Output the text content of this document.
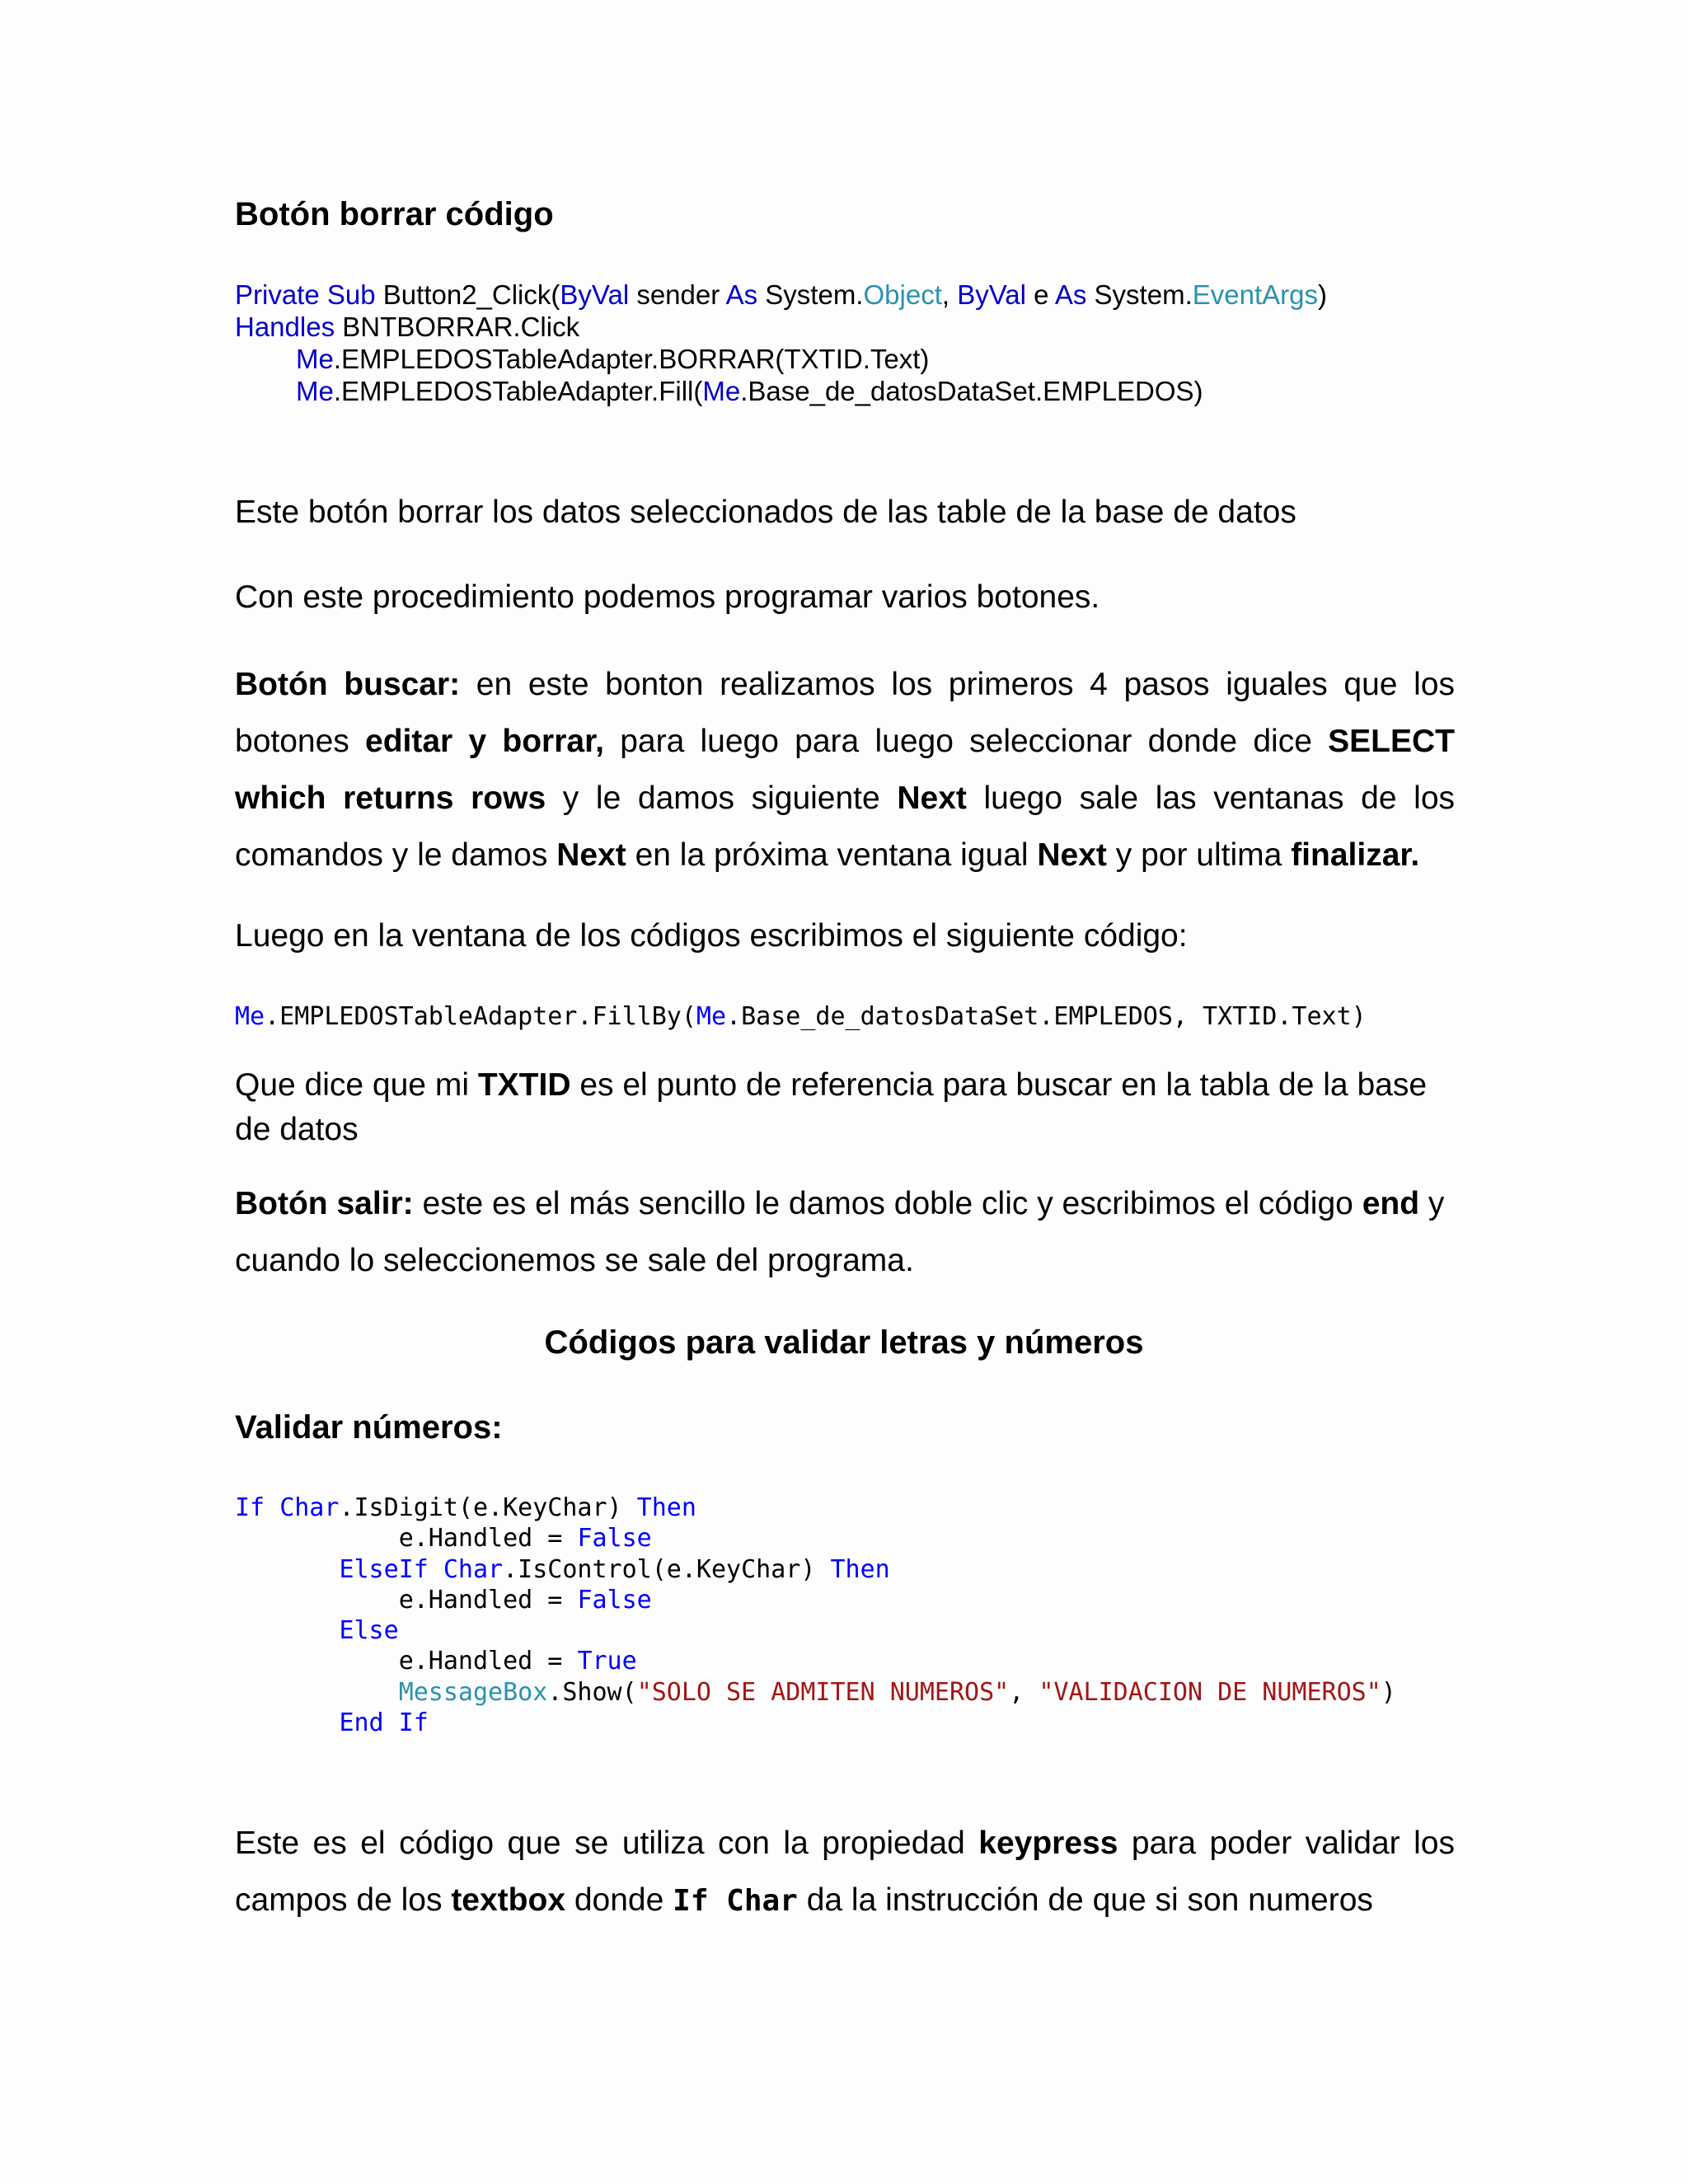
Botón borrar código
Private Sub Button2_Click(ByVal sender As System.Object, ByVal e As System.EventArgs)
Handles BNTBORRAR.Click
Me.EMPLEDOSTableAdapter.BORRAR(TXTID.Text)
Me.EMPLEDOSTableAdapter.Fill(Me.Base_de_datosDataSet.EMPLEDOS)
Este botón borrar los datos seleccionados de las table de la base de datos
Con este procedimiento podemos programar varios botones.
Botón buscar: en este bonton realizamos los primeros 4 pasos iguales que los botones editar y borrar, para luego para luego seleccionar donde dice SELECT which returns rows y le damos siguiente Next luego sale las ventanas de los comandos y le damos Next en la próxima ventana igual Next y por ultima finalizar.
Luego en la ventana de los códigos escribimos el siguiente código:
Me.EMPLEDOSTableAdapter.FillBy(Me.Base_de_datosDataSet.EMPLEDOS, TXTID.Text)
Que dice que mi TXTID es el punto de referencia para buscar en la tabla de la base de datos
Botón salir: este es el más sencillo le damos doble clic y escribimos el código end y cuando lo seleccionemos se sale del programa.
Códigos para validar letras y números
Validar números:
If Char.IsDigit(e.KeyChar) Then
e.Handled = False
ElseIf Char.IsControl(e.KeyChar) Then
e.Handled = False
Else
e.Handled = True
MessageBox.Show("SOLO SE ADMITEN NUMEROS", "VALIDACION DE NUMEROS")
End If
Este es el código que se utiliza con la propiedad keypress para poder validar los campos de los textbox donde If Char da la instrucción de que si son numeros
